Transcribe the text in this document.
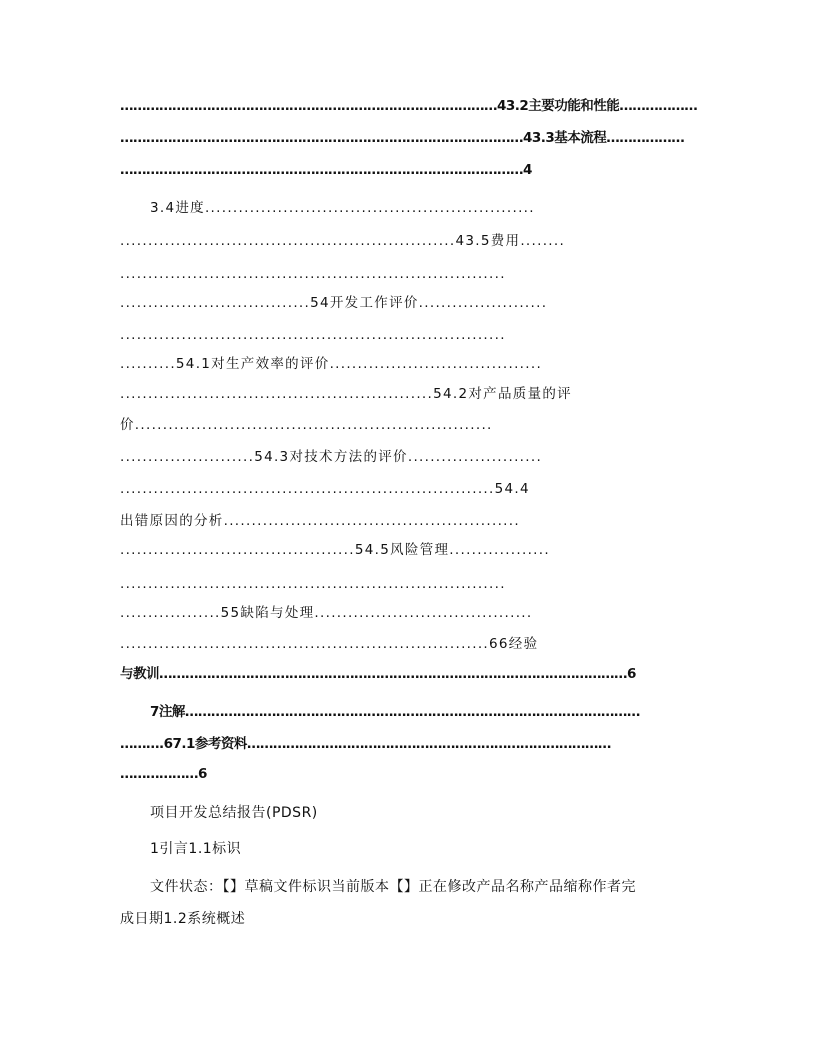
……………………………………………………………………………43.2主要功能和性能………………
…………………………………………………………………………………43.3基本流程………………
…………………………………………………………………………………4
3.4进度...........................................................
............................................................43.5费用........
.....................................................................
..................................54开发工作评价.......................
.....................................................................
..........54.1对生产效率的评价......................................
........................................................54.2对产品质量的评
价................................................................
........................54.3对技术方法的评价........................
...................................................................54.4
出错原因的分析.....................................................
..........................................54.5风险管理..................
.....................................................................
..................55缺陷与处理.......................................
..................................................................66经验
与教训………………………………………………………………………………………………6
7注解……………………………………………………………………………………………
……….67.1参考资料…………………………………………………………………………
………………6
项目开发总结报告(PDSR)
1引言1.1标识
文件状态：【】草稿文件标识当前版本【】正在修改产品名称产品缩称作者完
成日期1.2系统概述
